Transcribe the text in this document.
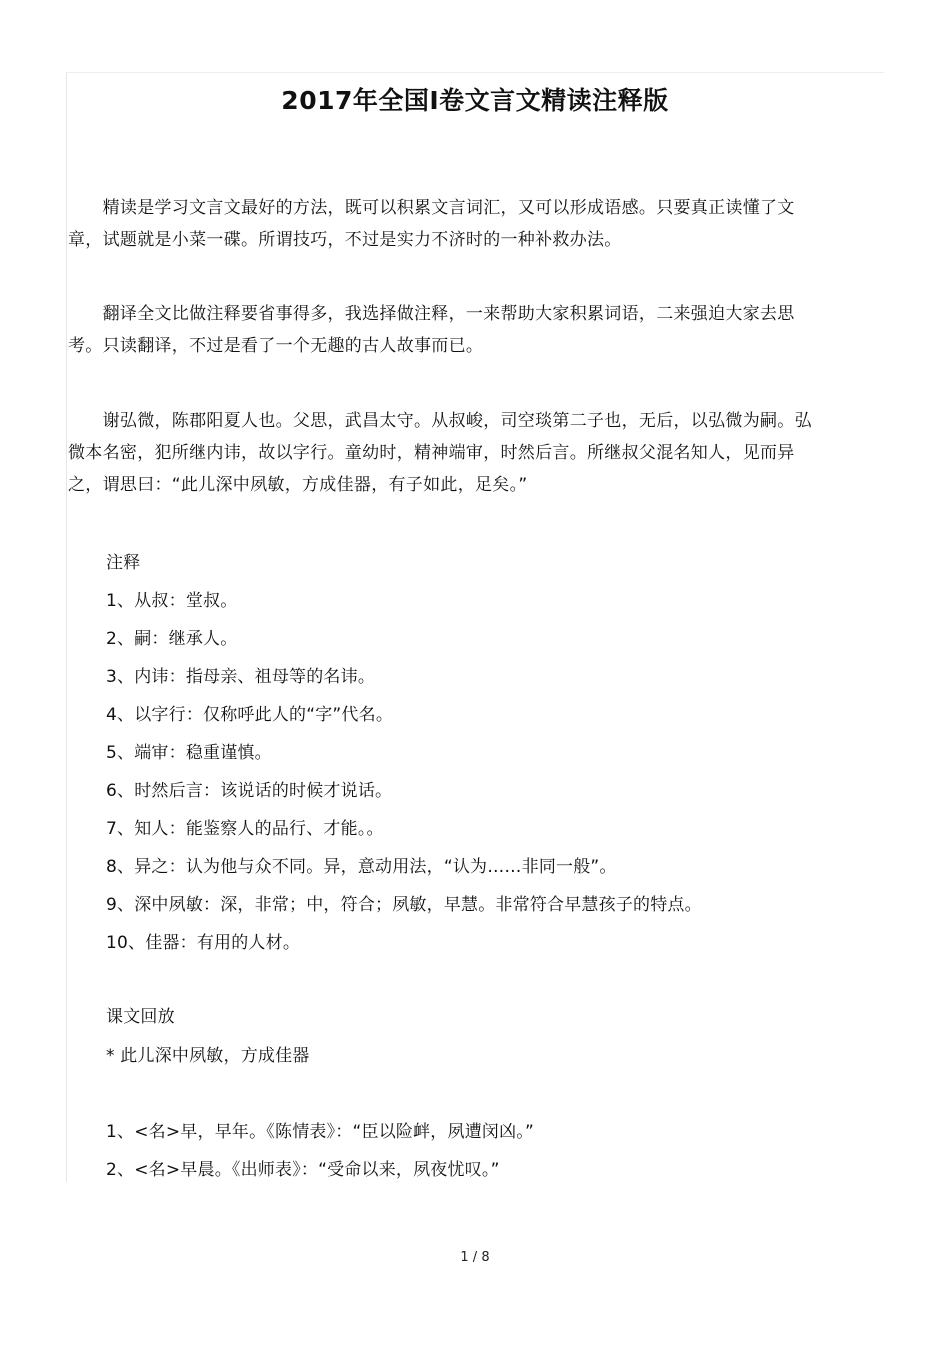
2017年全国Ⅰ卷文言文精读注释版

　　精读是学习文言文最好的方法，既可以积累文言词汇，又可以形成语感。只要真正读懂了文章，试题就是小菜一碟。所谓技巧，不过是实力不济时的一种补救办法。

　　翻译全文比做注释要省事得多，我选择做注释，一来帮助大家积累词语，二来强迫大家去思考。只读翻译，不过是看了一个无趣的古人故事而已。

　　谢弘微，陈郡阳夏人也。父思，武昌太守。从叔峻，司空琰第二子也，无后，以弘微为嗣。弘微本名密，犯所继内讳，故以字行。童幼时，精神端审，时然后言。所继叔父混名知人，见而异之，谓思曰：“此儿深中夙敏，方成佳器，有子如此，足矣。”

注释
1、从叔：堂叔。
2、嗣：继承人。
3、内讳：指母亲、祖母等的名讳。
4、以字行：仅称呼此人的“字”代名。
5、端审：稳重谨慎。
6、时然后言：该说话的时候才说话。
7、知人：能鉴察人的品行、才能。。
8、异之：认为他与众不同。异，意动用法，“认为……非同一般”。
9、深中夙敏：深，非常；中，符合；夙敏，早慧。非常符合早慧孩子的特点。
10、佳器：有用的人材。
课文回放
* 此儿深中夙敏，方成佳器
1、<名>早，早年。《陈情表》：“臣以险衅，夙遭闵凶。”
2、<名>早晨。《出师表》：“受命以来，夙夜忧叹。”
1 / 8
